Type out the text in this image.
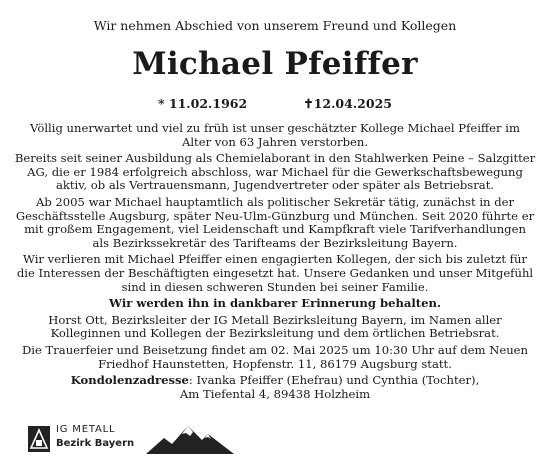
Wir nehmen Abschied von unserem Freund und Kollegen
Michael Pfeiffer
* 11.02.1962	✝12.04.2025

Völlig unerwartet und viel zu früh ist unser geschätzter Kollege Michael Pfeiffer im Alter von 63 Jahren verstorben.

Bereits seit seiner Ausbildung als Chemielaborant in den Stahlwerken Peine – Salzgitter AG, die er 1984 erfolgreich abschloss, war Michael für die Gewerkschaftsbewegung aktiv, ob als Vertrauensmann, Jugendvertreter oder später als Betriebsrat.

Ab 2005 war Michael hauptamtlich als politischer Sekretär tätig, zunächst in der Geschäftsstelle Augsburg, später Neu-Ulm-Günzburg und München. Seit 2020 führte er mit großem Engagement, viel Leidenschaft und Kampfkraft viele Tarifverhandlungen als Bezirkssekretär des Tarifteams der Bezirksleitung Bayern.

Wir verlieren mit Michael Pfeiffer einen engagierten Kollegen, der sich bis zuletzt für die Interessen der Beschäftigten eingesetzt hat. Unsere Gedanken und unser Mitgefühl sind in diesen schweren Stunden bei seiner Familie.

Wir werden ihn in dankbarer Erinnerung behalten.

Horst Ott, Bezirksleiter der IG Metall Bezirksleitung Bayern, im Namen aller Kolleginnen und Kollegen der Bezirksleitung und dem örtlichen Betriebsrat.

Die Trauerfeier und Beisetzung findet am 02. Mai 2025 um 10:30 Uhr auf dem Neuen Friedhof Haunstetten, Hopfenstr. 11, 86179 Augsburg statt.

Kondolenzadresse: Ivanka Pfeiffer (Ehefrau) und Cynthia (Tochter),
Am Tiefental 4, 89438 Holzheim

IG METALL
Bezirk Bayern
